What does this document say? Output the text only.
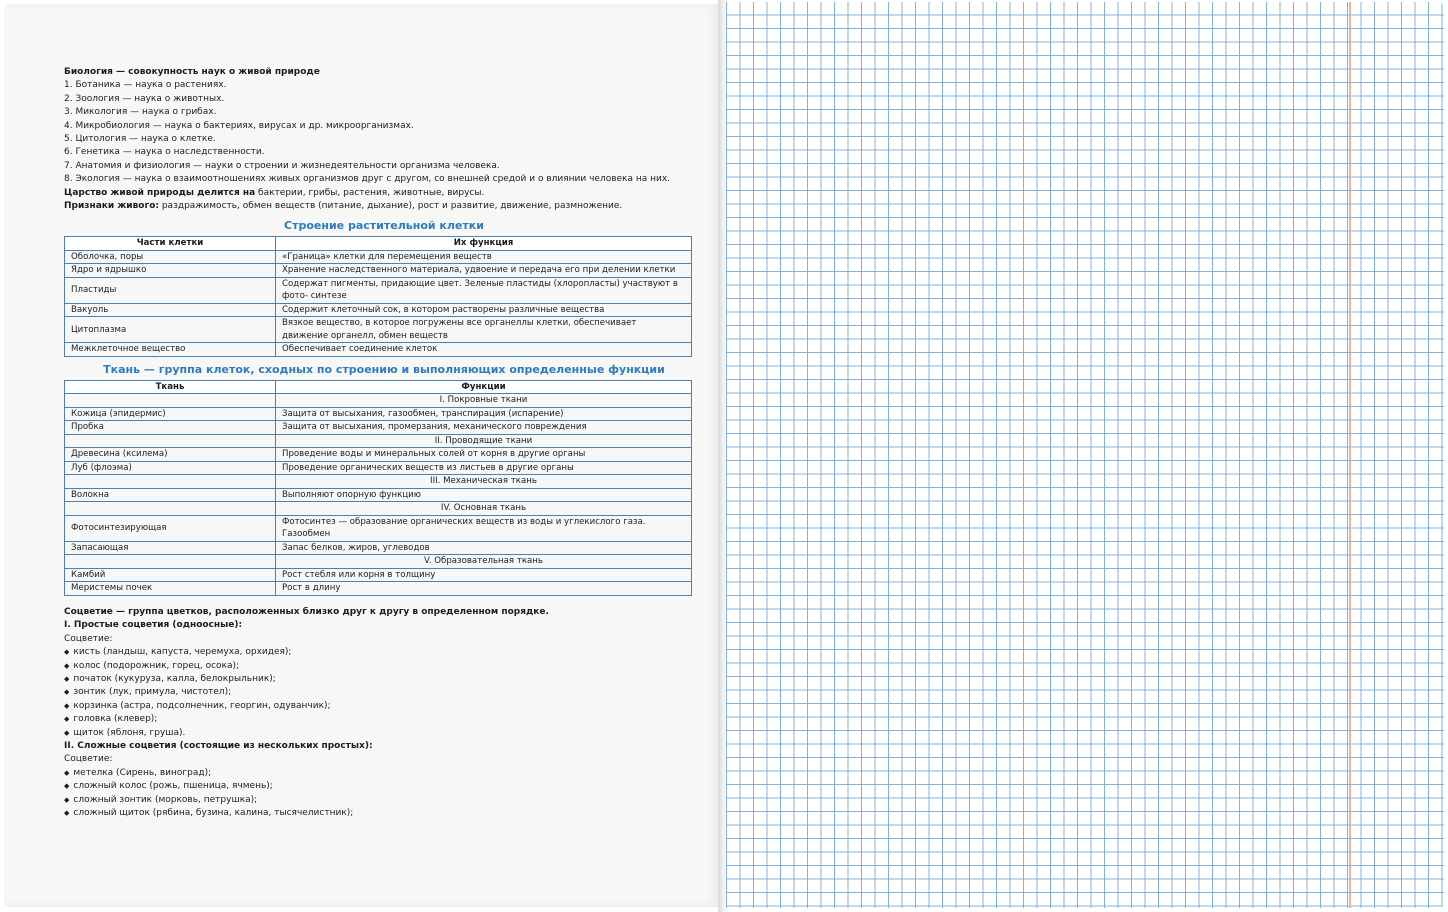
Биология — совокупность наук о живой природе
1. Ботаника — наука о растениях.
2. Зоология — наука о животных.
3. Микология — наука о грибах.
4. Микробиология — наука о бактериях, вирусах и др. микроорганизмах.
5. Цитология — наука о клетке.
6. Генетика — наука о наследственности.
7. Анатомия и физиология — науки о строении и жизнедеятельности организма человека.
8. Экология — наука о взаимоотношениях живых организмов друг с другом, со внешней средой и о влиянии человека на них.
Царство живой природы делится на бактерии, грибы, растения, животные, вирусы.
Признаки живого: раздражимость, обмен веществ (питание, дыхание), рост и развитие, движение, размножение.
Строение растительной клетки
Части клетки	Их функция
Оболочка, поры	«Граница» клетки для перемещения веществ
Ядро и ядрышко	Хранение наследственного материала, удвоение и передача его при делении клетки
Пластиды	Содержат пигменты, придающие цвет. Зеленые пластиды (хлоропласты) участвуют в фото- синтезе
Вакуоль	Содержит клеточный сок, в котором растворены различные вещества
Цитоплазма	Вязкое вещество, в которое погружены все органеллы клетки, обеспечивает движение органелл, обмен веществ
Межклеточное вещество	Обеспечивает соединение клеток
Ткань — группа клеток, сходных по строению и выполняющих определенные функции
Ткань	Функции
	I. Покровные ткани
Кожица (эпидермис)	Защита от высыхания, газообмен, транспирация (испарение)
Пробка	Защита от высыхания, промерзания, механического повреждения
	II. Проводящие ткани
Древесина (ксилема)	Проведение воды и минеральных солей от корня в другие органы
Луб (флоэма)	Проведение органических веществ из листьев в другие органы
	III. Механическая ткань
Волокна	Выполняют опорную функцию
	IV. Основная ткань
Фотосинтезирующая	Фотосинтез — образование органических веществ из воды и углекислого газа. Газообмен
Запасающая	Запас белков, жиров, углеводов
	V. Образовательная ткань
Камбий	Рост стебля или корня в толщину
Меристемы почек	Рост в длину
Соцветие — группа цветков, расположенных близко друг к другу в определенном порядке.
I. Простые соцветия (одноосные):
Соцветие:
◆ кисть (ландыш, капуста, черемуха, орхидея);
◆ колос (подорожник, горец, осока);
◆ початок (кукуруза, калла, белокрыльник);
◆ зонтик (лук, примула, чистотел);
◆ корзинка (астра, подсолнечник, георгин, одуванчик);
◆ головка (клевер);
◆ щиток (яблоня, груша).
II. Сложные соцветия (состоящие из нескольких простых):
Соцветие:
◆ метелка (Сирень, виноград);
◆ сложный колос (рожь, пшеница, ячмень);
◆ сложный зонтик (морковь, петрушка);
◆ сложный щиток (рябина, бузина, калина, тысячелистник);
